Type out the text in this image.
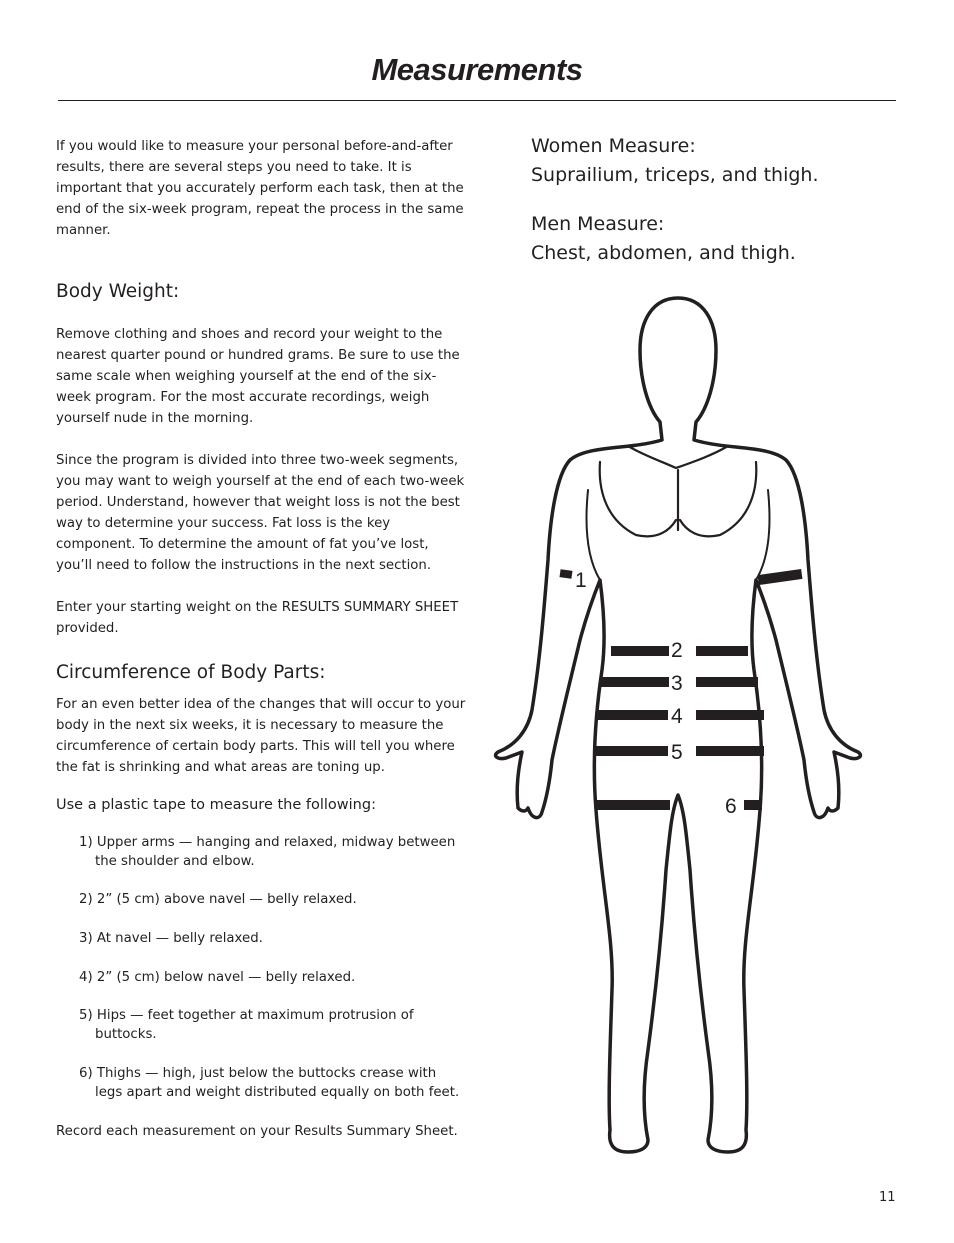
Measurements

If you would like to measure your personal before-and-after results, there are several steps you need to take. It is important that you accurately perform each task, then at the end of the six-week program, repeat the process in the same manner.

Body Weight:

Remove clothing and shoes and record your weight to the nearest quarter pound or hundred grams. Be sure to use the same scale when weighing yourself at the end of the six-week program. For the most accurate recordings, weigh yourself nude in the morning.

Since the program is divided into three two-week segments, you may want to weigh yourself at the end of each two-week period. Understand, however that weight loss is not the best way to determine your success. Fat loss is the key component. To determine the amount of fat you’ve lost, you’ll need to follow the instructions in the next section.

Enter your starting weight on the RESULTS SUMMARY SHEET provided.

Circumference of Body Parts:

For an even better idea of the changes that will occur to your body in the next six weeks, it is necessary to measure the circumference of certain body parts. This will tell you where the fat is shrinking and what areas are toning up.

Use a plastic tape to measure the following:

1) Upper arms — hanging and relaxed, midway between the shoulder and elbow.
2) 2” (5 cm) above navel — belly relaxed.
3) At navel — belly relaxed.
4) 2” (5 cm) below navel — belly relaxed.
5) Hips — feet together at maximum protrusion of buttocks.
6) Thighs — high, just below the buttocks crease with legs apart and weight distributed equally on both feet.

Record each measurement on your Results Summary Sheet.

Women Measure:

Suprailium, triceps, and thigh.

Men Measure:

Chest, abdomen, and thigh.

1
2
3
4
5
6
11
